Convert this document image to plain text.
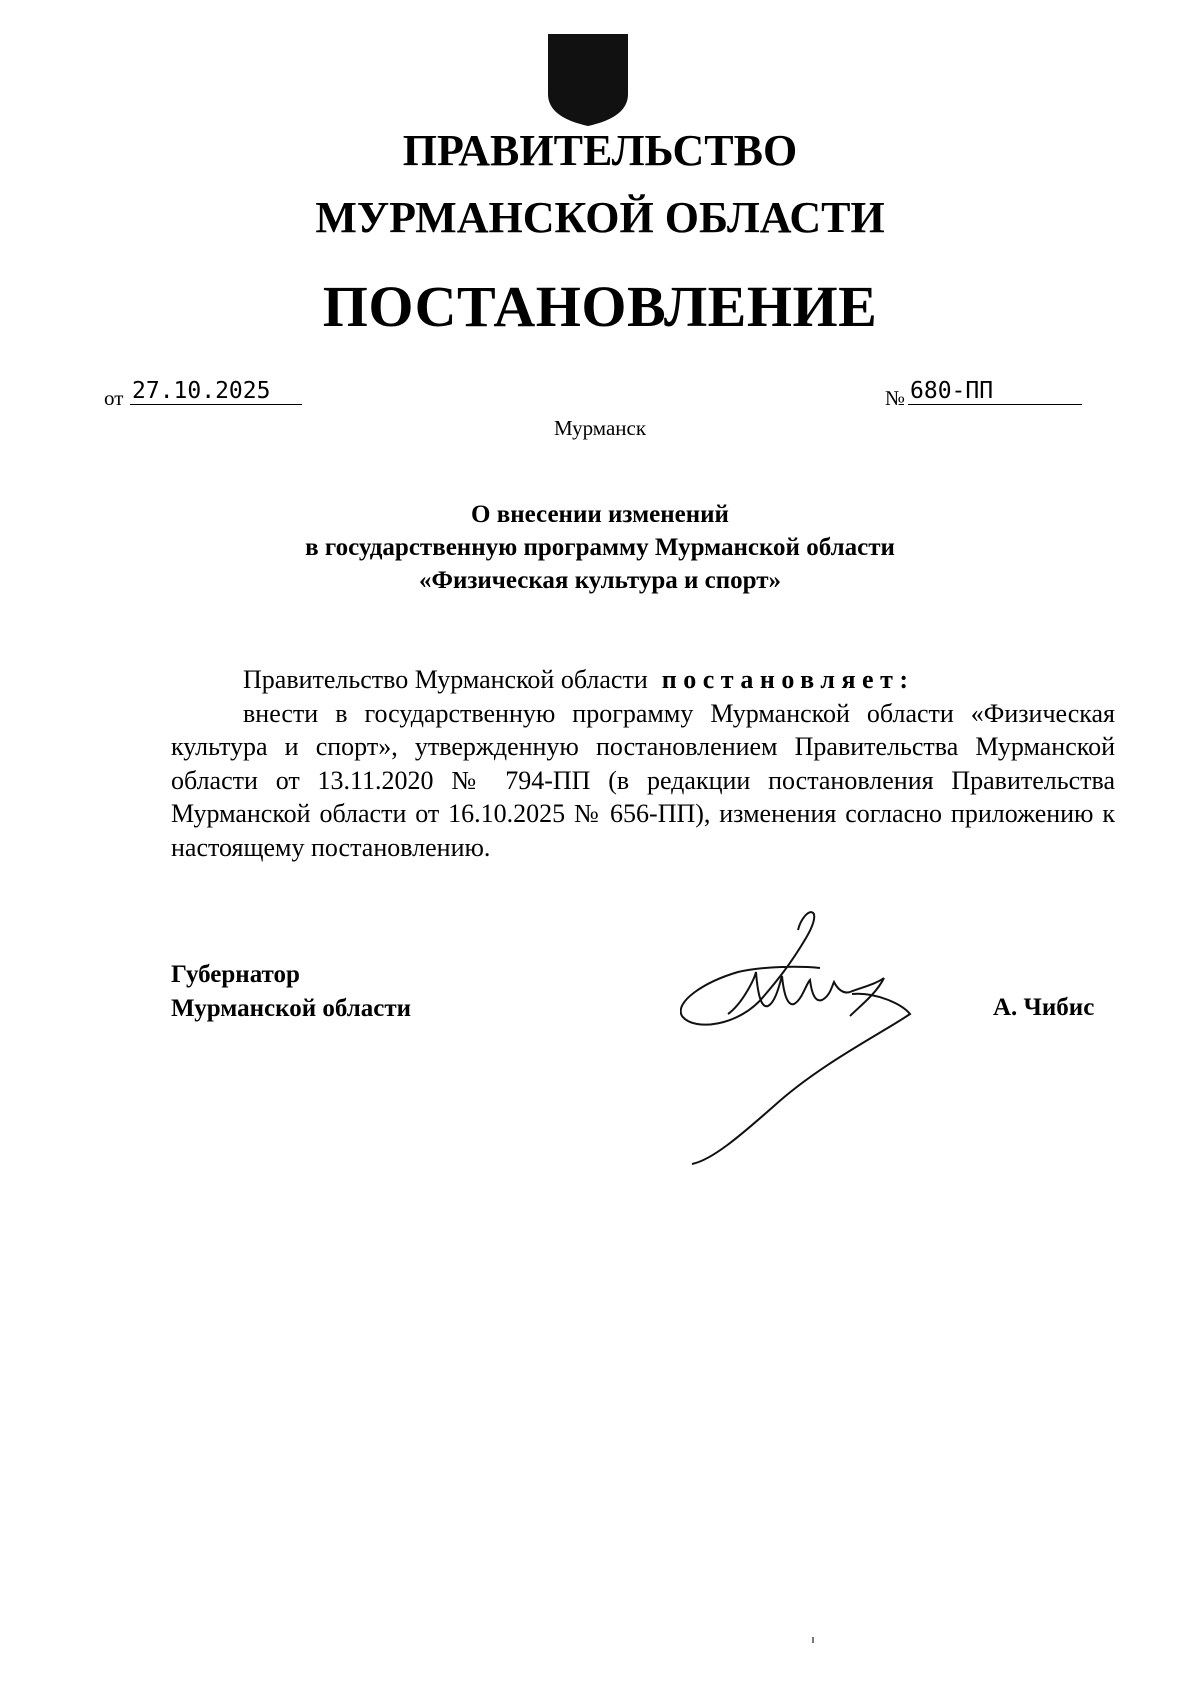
ПРАВИТЕЛЬСТВО
МУРМАНСКОЙ ОБЛАСТИ
ПОСТАНОВЛЕНИЕ
от 27.10.2025	№ 680-ПП
Мурманск
О внесении изменений
в государственную программу Мурманской области
«Физическая культура и спорт»

Правительство Мурманской области постановляет:

внести в государственную программу Мурманской области «Физическая культура и спорт», утвержденную постановлением Правительства Мурманской области от 13.11.2020 № 794-ПП (в редакции постановления Правительства Мурманской области от 16.10.2025 № 656-ПП), изменения согласно приложению к настоящему постановлению.

Губернатор
Мурманской области	А. Чибис
